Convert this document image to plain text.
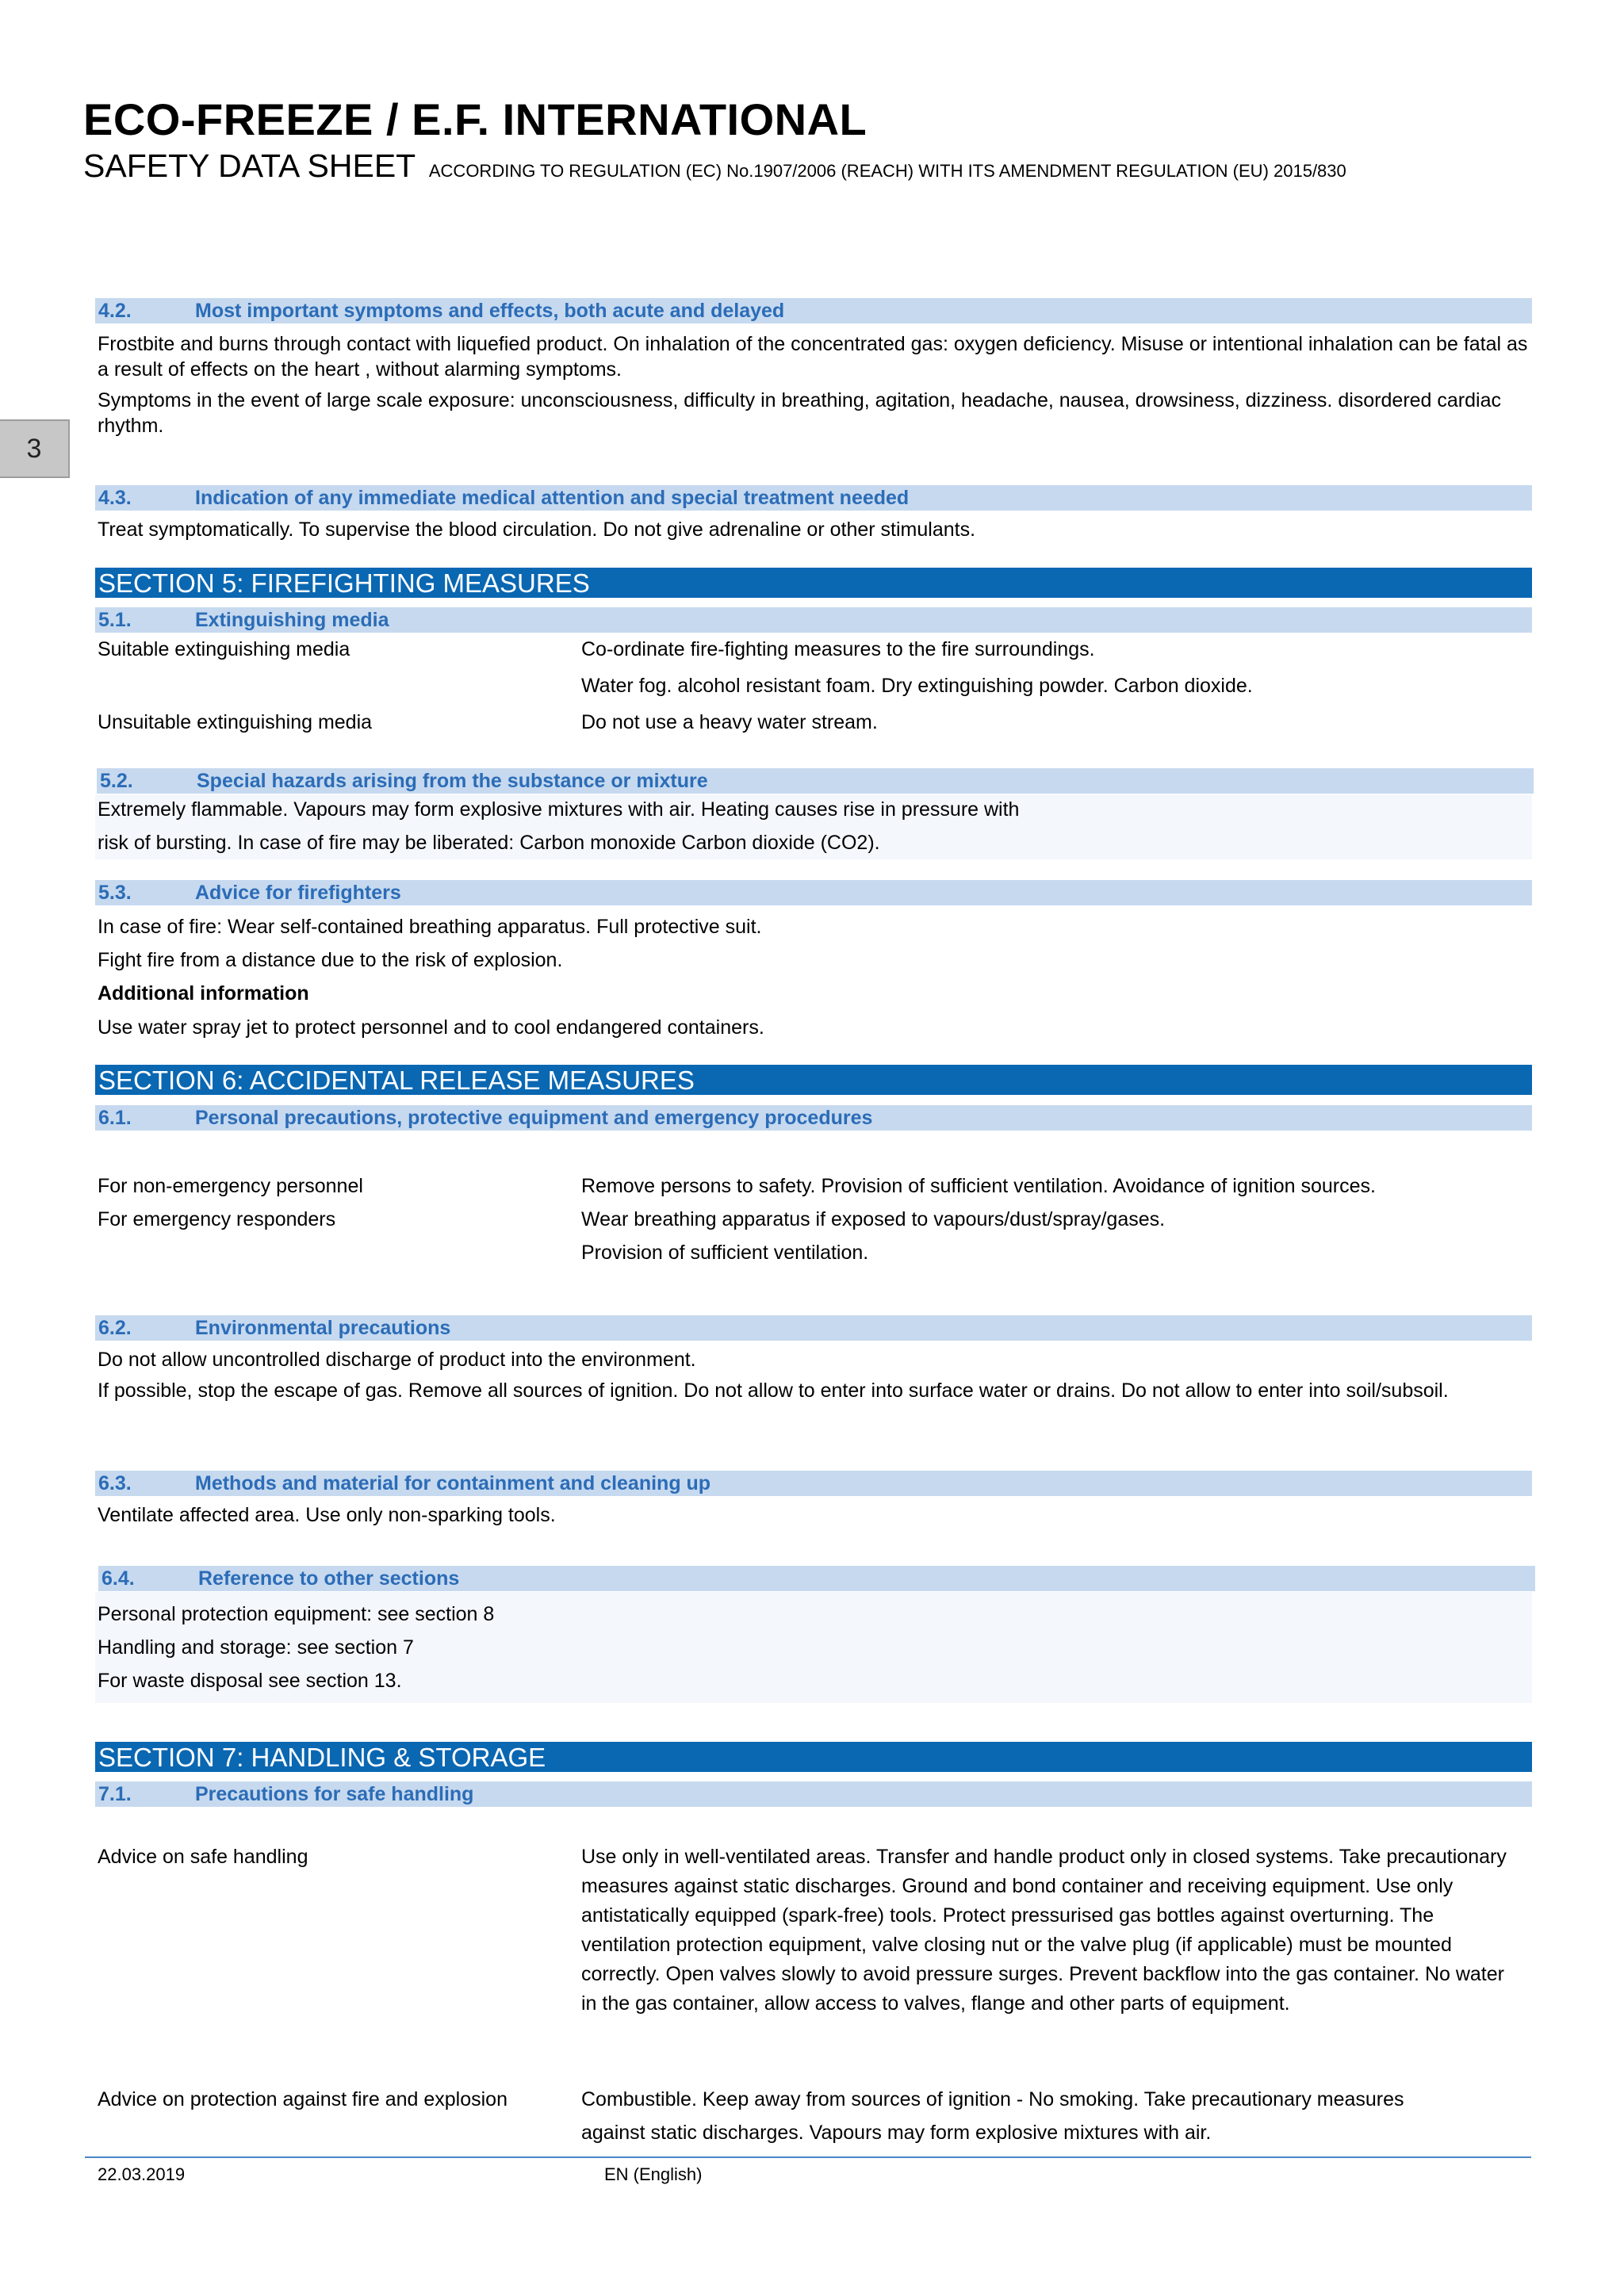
ECO-FREEZE / E.F. INTERNATIONAL
SAFETY DATA SHEET ACCORDING TO REGULATION (EC) No.1907/2006 (REACH) WITH ITS AMENDMENT REGULATION (EU) 2015/830
3
4.2.	Most important symptoms and effects, both acute and delayed
Frostbite and burns through contact with liquefied product. On inhalation of the concentrated gas: oxygen deficiency. Misuse or intentional inhalation can be fatal as a result of effects on the heart , without alarming symptoms.
Symptoms in the event of large scale exposure: unconsciousness, difficulty in breathing, agitation, headache, nausea, drowsiness, dizziness. disordered cardiac rhythm.
4.3.	Indication of any immediate medical attention and special treatment needed
Treat symptomatically. To supervise the blood circulation. Do not give adrenaline or other stimulants.
SECTION 5: FIREFIGHTING MEASURES
5.1.	Extinguishing media
Suitable extinguishing media	Co-ordinate fire-fighting measures to the fire surroundings.
Water fog. alcohol resistant foam. Dry extinguishing powder. Carbon dioxide.
Unsuitable extinguishing media	Do not use a heavy water stream.
5.2.	Special hazards arising from the substance or mixture
Extremely flammable. Vapours may form explosive mixtures with air. Heating causes rise in pressure with
risk of bursting. In case of fire may be liberated: Carbon monoxide Carbon dioxide (CO2).
5.3.	Advice for firefighters
In case of fire: Wear self-contained breathing apparatus. Full protective suit.
Fight fire from a distance due to the risk of explosion.
Additional information
Use water spray jet to protect personnel and to cool endangered containers.
SECTION 6: ACCIDENTAL RELEASE MEASURES
6.1.	Personal precautions, protective equipment and emergency procedures
For non-emergency personnel	Remove persons to safety. Provision of sufficient ventilation. Avoidance of ignition sources.
For emergency responders	Wear breathing apparatus if exposed to vapours/dust/spray/gases.
Provision of sufficient ventilation.
6.2.	Environmental precautions
Do not allow uncontrolled discharge of product into the environment.
If possible, stop the escape of gas. Remove all sources of ignition. Do not allow to enter into surface water or drains. Do not allow to enter into soil/subsoil.
6.3.	Methods and material for containment and cleaning up
Ventilate affected area. Use only non-sparking tools.
6.4.	Reference to other sections
Personal protection equipment: see section 8
Handling and storage: see section 7
For waste disposal see section 13.
SECTION 7: HANDLING & STORAGE
7.1.	Precautions for safe handling
Advice on safe handling	Use only in well-ventilated areas. Transfer and handle product only in closed systems. Take precautionary measures against static discharges. Ground and bond container and receiving equipment. Use only antistatically equipped (spark-free) tools. Protect pressurised gas bottles against overturning. The ventilation protection equipment, valve closing nut or the valve plug (if applicable) must be mounted correctly. Open valves slowly to avoid pressure surges. Prevent backflow into the gas container. No water in the gas container, allow access to valves, flange and other parts of equipment.
Advice on protection against fire and explosion	Combustible. Keep away from sources of ignition - No smoking. Take precautionary measures
against static discharges. Vapours may form explosive mixtures with air.
22.03.2019	EN (English)
